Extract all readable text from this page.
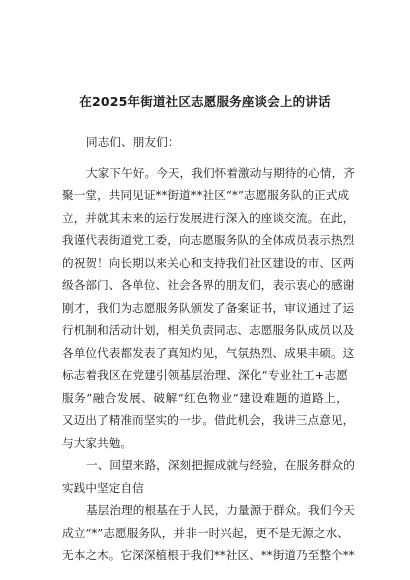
在2025年街道社区志愿服务座谈会上的讲话
同志们、朋友们：
大家下午好。今天，我们怀着激动与期待的心情，齐
聚一堂，共同见证**街道**社区“*”志愿服务队的正式成
立，并就其未来的运行发展进行深入的座谈交流。在此，
我谨代表街道党工委，向志愿服务队的全体成员表示热烈
的祝贺！向长期以来关心和支持我们社区建设的市、区两
级各部门、各单位、社会各界的朋友们，表示衷心的感谢
刚才，我们为志愿服务队颁发了备案证书，审议通过了运
行机制和活动计划，相关负责同志、志愿服务队成员以及
各单位代表都发表了真知灼见，气氛热烈、成果丰硕。这
标志着我区在党建引领基层治理、深化“专业社工+志愿
服务”融合发展、破解“红色物业”建设难题的道路上，
又迈出了精准而坚实的一步。借此机会，我讲三点意见，
与大家共勉。
一、回望来路，深刻把握成就与经验，在服务群众的
实践中坚定自信
基层治理的根基在于人民，力量源于群众。我们今天
成立“*”志愿服务队，并非一时兴起，更不是无源之水、
无本之木。它深深植根于我们**社区、**街道乃至整个**
